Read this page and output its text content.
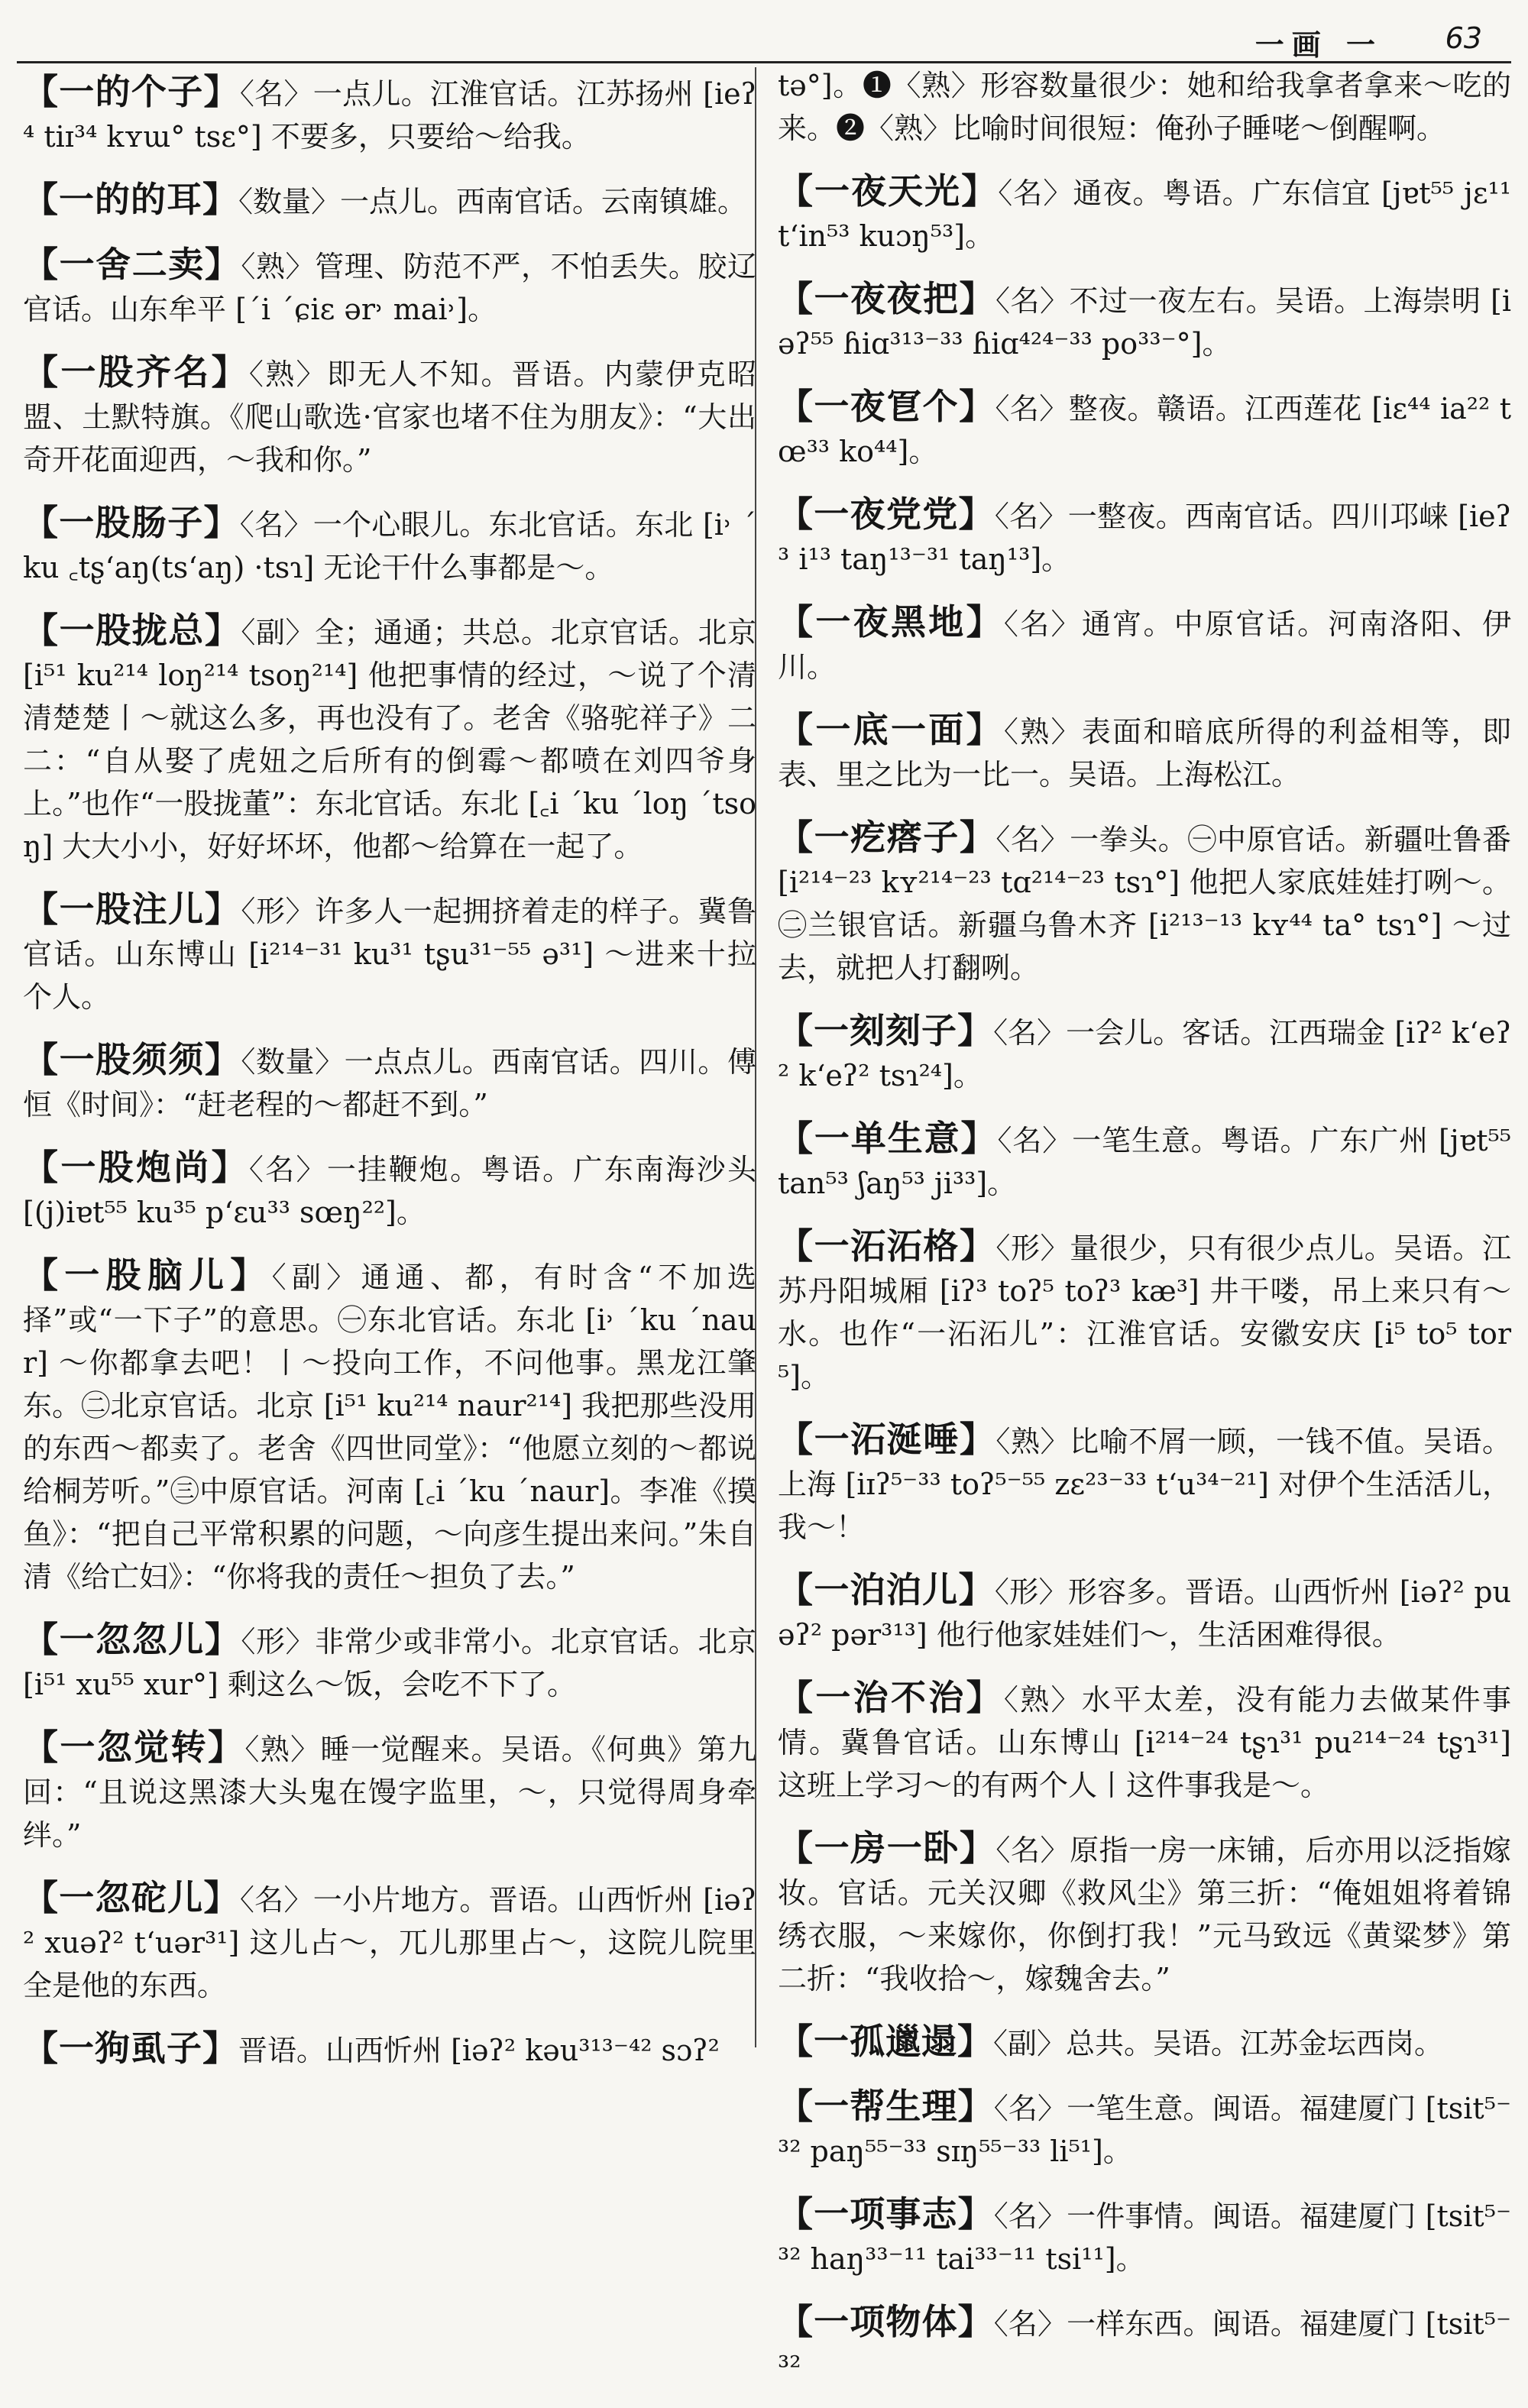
一画 一 63

【一的个子】〈名〉一点儿。江淮官话。江苏扬州 [ieʔ⁴ tiɪ³⁴ kʏɯ° tsɛ°] 不要多，只要给～给我。

【一的的耳】〈数量〉一点儿。西南官话。云南镇雄。

【一舍二卖】〈熟〉管理、防范不严，不怕丢失。胶辽官话。山东牟平 [ˊi ˊɕiɛ ər˒ mai˒]。

【一股齐名】〈熟〉即无人不知。晋语。内蒙伊克昭盟、土默特旗。《爬山歌选·官家也堵不住为朋友》：“大出奇开花面迎西，～我和你。”

【一股肠子】〈名〉一个心眼儿。东北官话。东北 [i˒ ˊku ꜀tʂʻaŋ(tsʻaŋ) ·tsɿ] 无论干什么事都是～。

【一股拢总】〈副〉全；通通；共总。北京官话。北京 [i⁵¹ ku²¹⁴ loŋ²¹⁴ tsoŋ²¹⁴] 他把事情的经过，～说了个清清楚楚丨～就这么多，再也没有了。老舍《骆驼祥子》二二：“自从娶了虎妞之后所有的倒霉～都喷在刘四爷身上。”也作“一股拢董”：东北官话。东北 [꜀i ˊku ˊloŋ ˊtsoŋ] 大大小小，好好坏坏，他都～给算在一起了。

【一股注儿】〈形〉许多人一起拥挤着走的样子。冀鲁官话。山东博山 [i²¹⁴⁻³¹ ku³¹ tʂu³¹⁻⁵⁵ ə³¹] ～进来十拉个人。

【一股须须】〈数量〉一点点儿。西南官话。四川。傅恒《时间》：“赶老程的～都赶不到。”

【一股炮尚】〈名〉一挂鞭炮。粤语。广东南海沙头 [(j)iɐt⁵⁵ ku³⁵ pʻɛu³³ sœŋ²²]。

【一股脑儿】〈副〉通通、都，有时含“不加选择”或“一下子”的意思。㊀东北官话。东北 [i˒ ˊku ˊnaur] ～你都拿去吧！丨～投向工作，不问他事。黑龙江肇东。㊁北京官话。北京 [i⁵¹ ku²¹⁴ naur²¹⁴] 我把那些没用的东西～都卖了。老舍《四世同堂》：“他愿立刻的～都说给桐芳听。”㊂中原官话。河南 [꜀i ˊku ˊnaur]。李准《摸鱼》：“把自己平常积累的问题，～向彦生提出来问。”朱自清《给亡妇》：“你将我的责任～担负了去。”

【一忽忽儿】〈形〉非常少或非常小。北京官话。北京 [i⁵¹ xu⁵⁵ xur°] 剩这么～饭，会吃不下了。

【一忽觉转】〈熟〉睡一觉醒来。吴语。《何典》第九回：“且说这黑漆大头鬼在馒字监里，～，只觉得周身牵绊。”

【一忽砣儿】〈名〉一小片地方。晋语。山西忻州 [iəʔ² xuəʔ² tʻuər³¹] 这儿占～，兀儿那里占～，这院儿院里全是他的东西。

【一狗虱子】晋语。山西忻州 [iəʔ² kəu³¹³⁻⁴² sɔʔ²

tə°]。❶〈熟〉形容数量很少：她和给我拿者拿来～吃的来。❷〈熟〉比喻时间很短：俺孙子睡咾～倒醒啊。

【一夜天光】〈名〉通夜。粤语。广东信宜 [jɐt⁵⁵ jɛ¹¹ tʻin⁵³ kuɔŋ⁵³]。

【一夜夜把】〈名〉不过一夜左右。吴语。上海崇明 [iəʔ⁵⁵ ɦiɑ³¹³⁻³³ ɦiɑ⁴²⁴⁻³³ po³³⁻°]。

【一夜冟个】〈名〉整夜。赣语。江西莲花 [iɛ⁴⁴ ia²² tœ³³ ko⁴⁴]。

【一夜党党】〈名〉一整夜。西南官话。四川邛崃 [ieʔ³ i¹³ taŋ¹³⁻³¹ taŋ¹³]。

【一夜黑地】〈名〉通宵。中原官话。河南洛阳、伊川。

【一底一面】〈熟〉表面和暗底所得的利益相等，即表、里之比为一比一。吴语。上海松江。

【一疙瘩子】〈名〉一拳头。㊀中原官话。新疆吐鲁番 [i²¹⁴⁻²³ kʏ²¹⁴⁻²³ tɑ²¹⁴⁻²³ tsɿ°] 他把人家底娃娃打咧～。㊁兰银官话。新疆乌鲁木齐 [i²¹³⁻¹³ kʏ⁴⁴ ta° tsɿ°] ～过去，就把人打翻咧。

【一刻刻子】〈名〉一会儿。客话。江西瑞金 [iʔ² kʻeʔ² kʻeʔ² tsɿ²⁴]。

【一单生意】〈名〉一笔生意。粤语。广东广州 [jɐt⁵⁵ tan⁵³ ʃaŋ⁵³ ji³³]。

【一沰沰格】〈形〉量很少，只有很少点儿。吴语。江苏丹阳城厢 [iʔ³ toʔ⁵ toʔ³ kæ³] 井干喽，吊上来只有～水。也作“一沰沰儿”：江淮官话。安徽安庆 [i⁵ to⁵ tor⁵]。

【一沰涎唾】〈熟〉比喻不屑一顾，一钱不值。吴语。上海 [iɪʔ⁵⁻³³ toʔ⁵⁻⁵⁵ zɛ²³⁻³³ tʻu³⁴⁻²¹] 对伊个生活活儿，我～！

【一泊泊儿】〈形〉形容多。晋语。山西忻州 [iəʔ² puəʔ² pər³¹³] 他行他家娃娃们～，生活困难得很。

【一治不治】〈熟〉水平太差，没有能力去做某件事情。冀鲁官话。山东博山 [i²¹⁴⁻²⁴ tʂɿ³¹ pu²¹⁴⁻²⁴ tʂɿ³¹] 这班上学习～的有两个人丨这件事我是～。

【一房一卧】〈名〉原指一房一床铺，后亦用以泛指嫁妆。官话。元关汉卿《救风尘》第三折：“俺姐姐将着锦绣衣服，～来嫁你，你倒打我！”元马致远《黄粱梦》第二折：“我收拾～，嫁魏舍去。”

【一孤邋遢】〈副〉总共。吴语。江苏金坛西岗。

【一帮生理】〈名〉一笔生意。闽语。福建厦门 [tsit⁵⁻³² paŋ⁵⁵⁻³³ sɪŋ⁵⁵⁻³³ li⁵¹]。

【一项事志】〈名〉一件事情。闽语。福建厦门 [tsit⁵⁻³² haŋ³³⁻¹¹ tai³³⁻¹¹ tsi¹¹]。

【一项物体】〈名〉一样东西。闽语。福建厦门 [tsit⁵⁻³²
